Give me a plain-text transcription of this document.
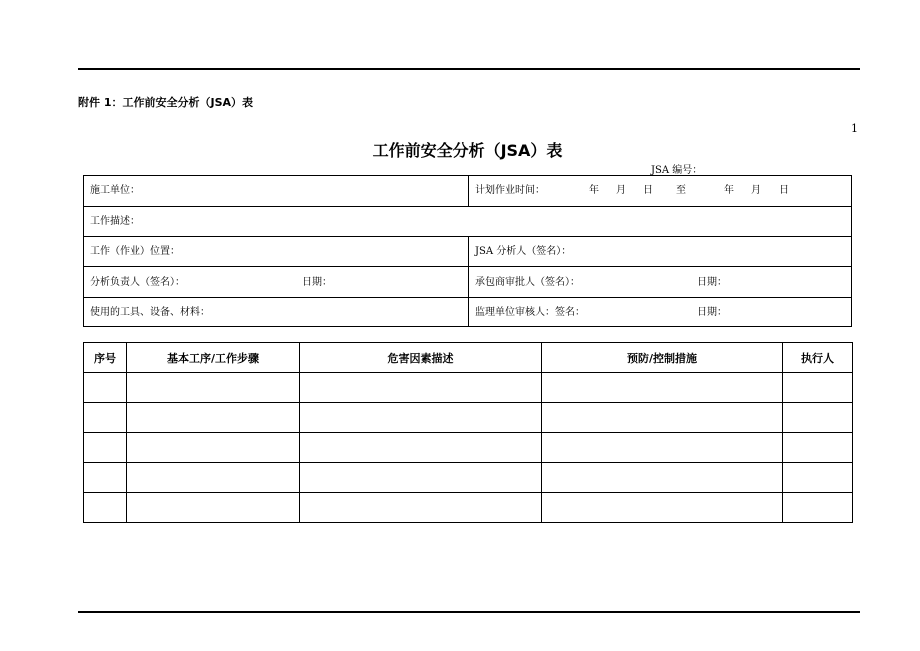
附件 1：工作前安全分析（JSA）表
1
工作前安全分析（JSA）表
JSA 编号：
施工单位：	计划作业时间：	年 月 日 至	年 月 日
工作描述：
工作（作业）位置：	JSA 分析人（签名）：
分析负责人（签名）：	日期：	承包商审批人（签名）：	日期：
使用的工具、设备、材料：	监理单位审核人：签名：	日期：
序号	基本工序/工作步骤	危害因素描述	预防/控制措施	执行人
